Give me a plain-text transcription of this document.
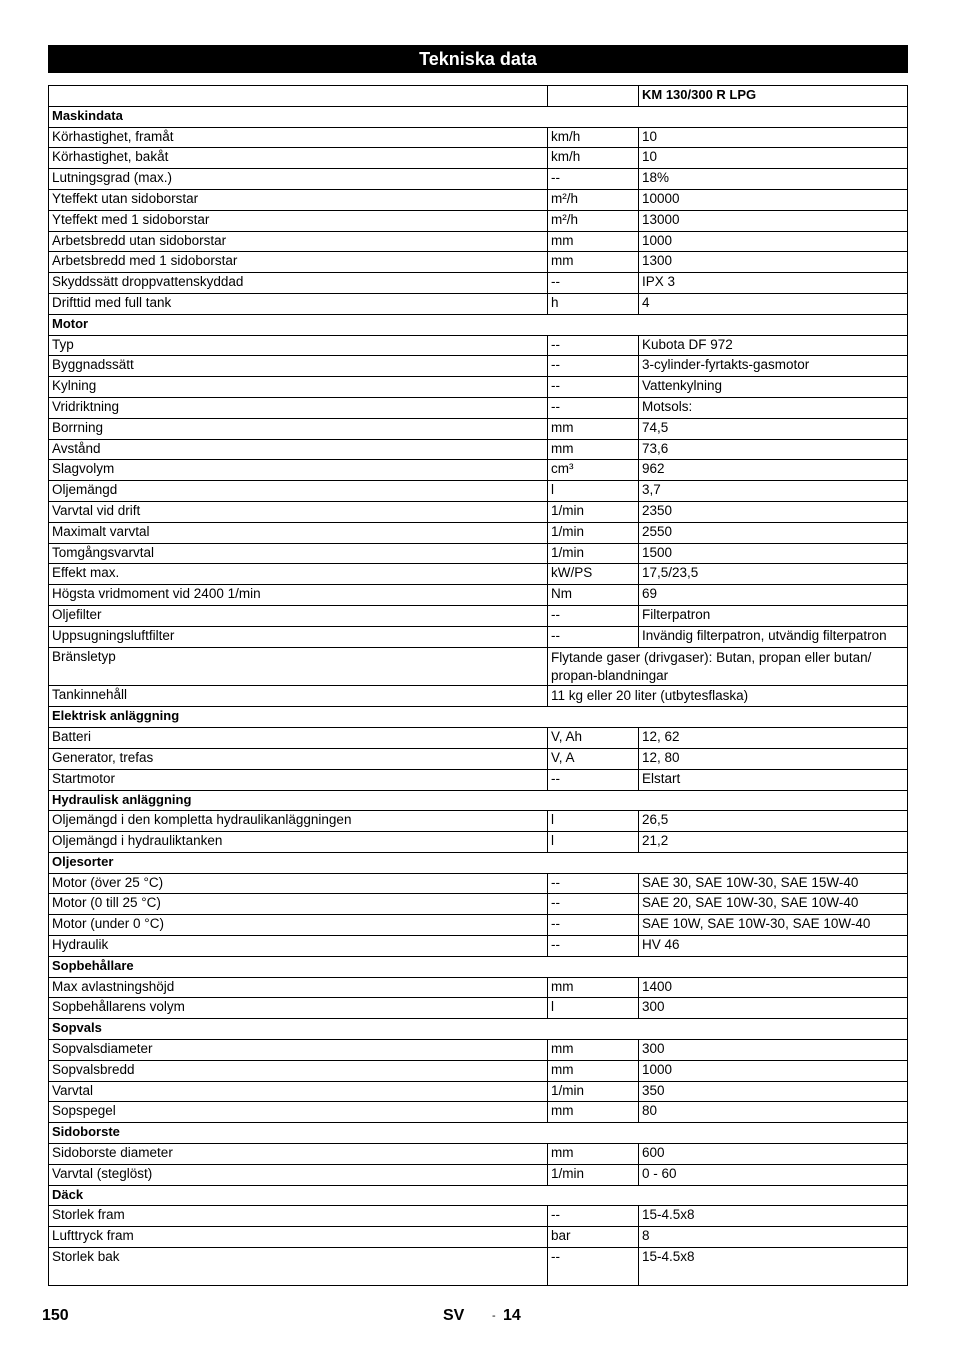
Tekniska data
		KM 130/300 R LPG
Maskindata		
Körhastighet, framåt	km/h	10
Körhastighet, bakåt	km/h	10
Lutningsgrad (max.)	--	18%
Yteffekt utan sidoborstar	m²/h	10000
Yteffekt med 1 sidoborstar	m²/h	13000
Arbetsbredd utan sidoborstar	mm	1000
Arbetsbredd med 1 sidoborstar	mm	1300
Skyddssätt droppvattenskyddad	--	IPX 3
Drifttid med full tank	h	4
Motor		
Typ	--	Kubota DF 972
Byggnadssätt	--	3-cylinder-fyrtakts-gasmotor
Kylning	--	Vattenkylning
Vridriktning	--	Motsols:
Borrning	mm	74,5
Avstånd	mm	73,6
Slagvolym	cm³	962
Oljemängd	l	3,7
Varvtal vid drift	1/min	2350
Maximalt varvtal	1/min	2550
Tomgångsvarvtal	1/min	1500
Effekt max.	kW/PS	17,5/23,5
Högsta vridmoment vid 2400 1/min	Nm	69
Oljefilter	--	Filterpatron
Uppsugningsluftfilter	--	Invändig filterpatron, utvändig filterpatron
Bränsletyp	Flytande gaser (drivgaser): Butan, propan eller butan/ propan-blandningar	
Tankinnehåll	11 kg eller 20 liter (utbytesflaska)	
Elektrisk anläggning		
Batteri	V, Ah	12, 62
Generator, trefas	V, A	12, 80
Startmotor	--	Elstart
Hydraulisk anläggning		
Oljemängd i den kompletta hydraulikanläggningen	l	26,5
Oljemängd i hydrauliktanken	l	21,2
Oljesorter		
Motor (över 25 °C)	--	SAE 30, SAE 10W-30, SAE 15W-40
Motor (0 till 25 °C)	--	SAE 20, SAE 10W-30, SAE 10W-40
Motor (under 0 °C)	--	SAE 10W, SAE 10W-30, SAE 10W-40
Hydraulik	--	HV 46
Sopbehållare		
Max avlastningshöjd	mm	1400
Sopbehållarens volym	l	300
Sopvals		
Sopvalsdiameter	mm	300
Sopvalsbredd	mm	1000
Varvtal	1/min	350
Sopspegel	mm	80
Sidoborste		
Sidoborste diameter	mm	600
Varvtal (steglöst)	1/min	0 - 60
Däck		
Storlek fram	--	15-4.5x8
Lufttryck fram	bar	8
Storlek bak	--	15-4.5x8
150	SV	- 14
